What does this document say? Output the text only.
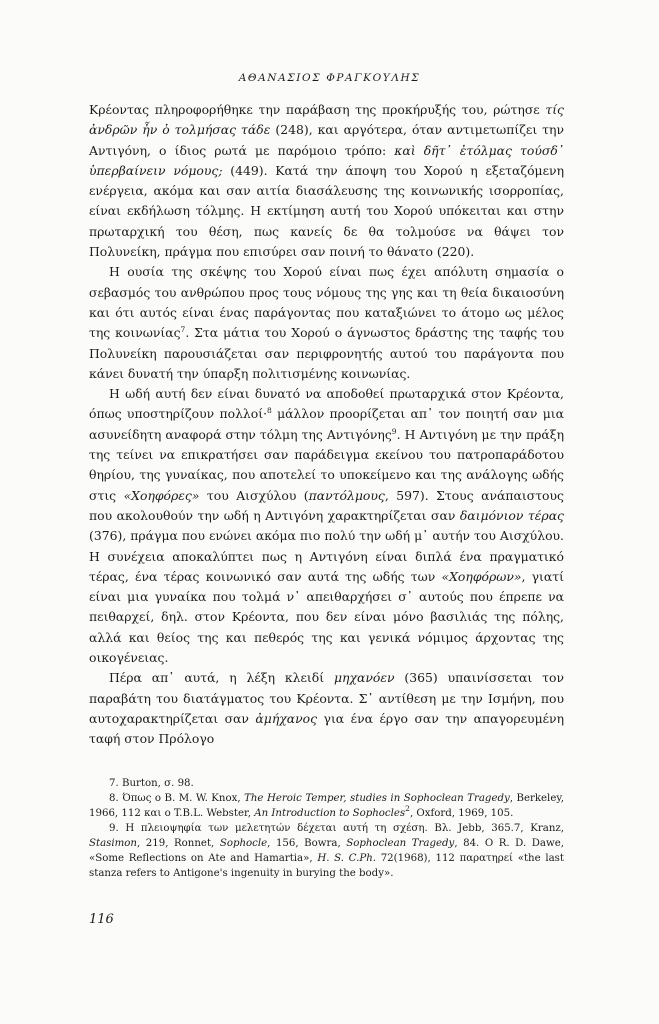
ΑΘΑΝΑΣΙΟΣ ΦΡΑΓΚΟΥΛΗΣ

Κρέοντας πληροφορήθηκε την παράβαση της προκήρυξής του, ρώτησε τίς ἀνδρῶν ἦν ὁ τολμήσας τάδε (248), και αργότερα, όταν αντιμετωπίζει την Αντιγόνη, ο ίδιος ρωτά με παρόμοιο τρόπο: καὶ δῆτ᾽ ἐτόλμας τούσδ᾽ ὑπερβαίνειν νόμους; (449). Κατά την άποψη του Χορού η εξεταζόμενη ενέργεια, ακόμα και σαν αιτία διασάλευσης της κοινωνικής ισορροπίας, είναι εκδήλωση τόλμης. Η εκτίμηση αυτή του Χορού υπόκειται και στην πρωταρχική του θέση, πως κανείς δε θα τολμούσε να θάψει τον Πολυνείκη, πράγμα που επισύρει σαν ποινή το θάνατο (220).

Η ουσία της σκέψης του Χορού είναι πως έχει απόλυτη σημασία ο σεβασμός του ανθρώπου προς τους νόμους της γης και τη θεία δικαιοσύνη και ότι αυτός είναι ένας παράγοντας που καταξιώνει το άτομο ως μέλος της κοινωνίας$^7$. Στα μάτια του Χορού ο άγνωστος δράστης της ταφής του Πολυνείκη παρουσιάζεται σαν περιφρονητής αυτού του παράγοντα που κάνει δυνατή την ύπαρξη πολιτισμένης κοινωνίας.

Η ωδή αυτή δεν είναι δυνατό να αποδοθεί πρωταρχικά στον Κρέοντα, όπως υποστηρίζουν πολλοί·$^8$ μάλλον προορίζεται απ᾽ τον ποιητή σαν μια ασυνείδητη αναφορά στην τόλμη της Αντιγόνης$^9$. Η Αντιγόνη με την πράξη της τείνει να επικρατήσει σαν παράδειγμα εκείνου του πατροπαράδοτου θηρίου, της γυναίκας, που αποτελεί το υποκείμενο και της ανάλογης ωδής στις «Χοηφόρες» του Αισχύλου (παντόλμους, 597). Στους ανάπαιστους που ακολουθούν την ωδή η Αντιγόνη χαρακτηρίζεται σαν δαιμόνιον τέρας (376), πράγμα που ενώνει ακόμα πιο πολύ την ωδή μ᾽ αυτήν του Αισχύλου. Η συνέχεια αποκαλύπτει πως η Αντιγόνη είναι διπλά ένα πραγματικό τέρας, ένα τέρας κοινωνικό σαν αυτά της ωδής των «Χοηφόρων», γιατί είναι μια γυναίκα που τολμά ν᾽ απειθαρχήσει σ᾽ αυτούς που έπρεπε να πειθαρχεί, δηλ. στον Κρέοντα, που δεν είναι μόνο βασιλιάς της πόλης, αλλά και θείος της και πεθερός της και γενικά νόμιμος άρχοντας της οικογένειας.

Πέρα απ᾽ αυτά, η λέξη κλειδί μηχανόεν (365) υπαινίσσεται τον παραβάτη του διατάγματος του Κρέοντα. Σ᾽ αντίθεση με την Ισμήνη, που αυτοχαρακτηρίζεται σαν ἀμήχανος για ένα έργο σαν την απαγορευμένη ταφή στον Πρόλογο

7. Burton, σ. 98.

8. Όπως ο B. M. W. Knox, The Heroic Temper, studies in Sophoclean Tragedy, Berkeley, 1966, 112 και ο T.B.L. Webster, An Introduction to Sophocles$^2$, Oxford, 1969, 105.

9. Η πλειοψηφία των μελετητών δέχεται αυτή τη σχέση. Βλ. Jebb, 365.7, Kranz, Stasimon, 219, Ronnet, Sophocle, 156, Bowra, Sophoclean Tragedy, 84. Ο R. D. Dawe, «Some Reflections on Ate and Hamartia», H. S. C.Ph. 72(1968), 112 παρατηρεί «the last stanza refers to Antigone's ingenuity in burying the body».

116
